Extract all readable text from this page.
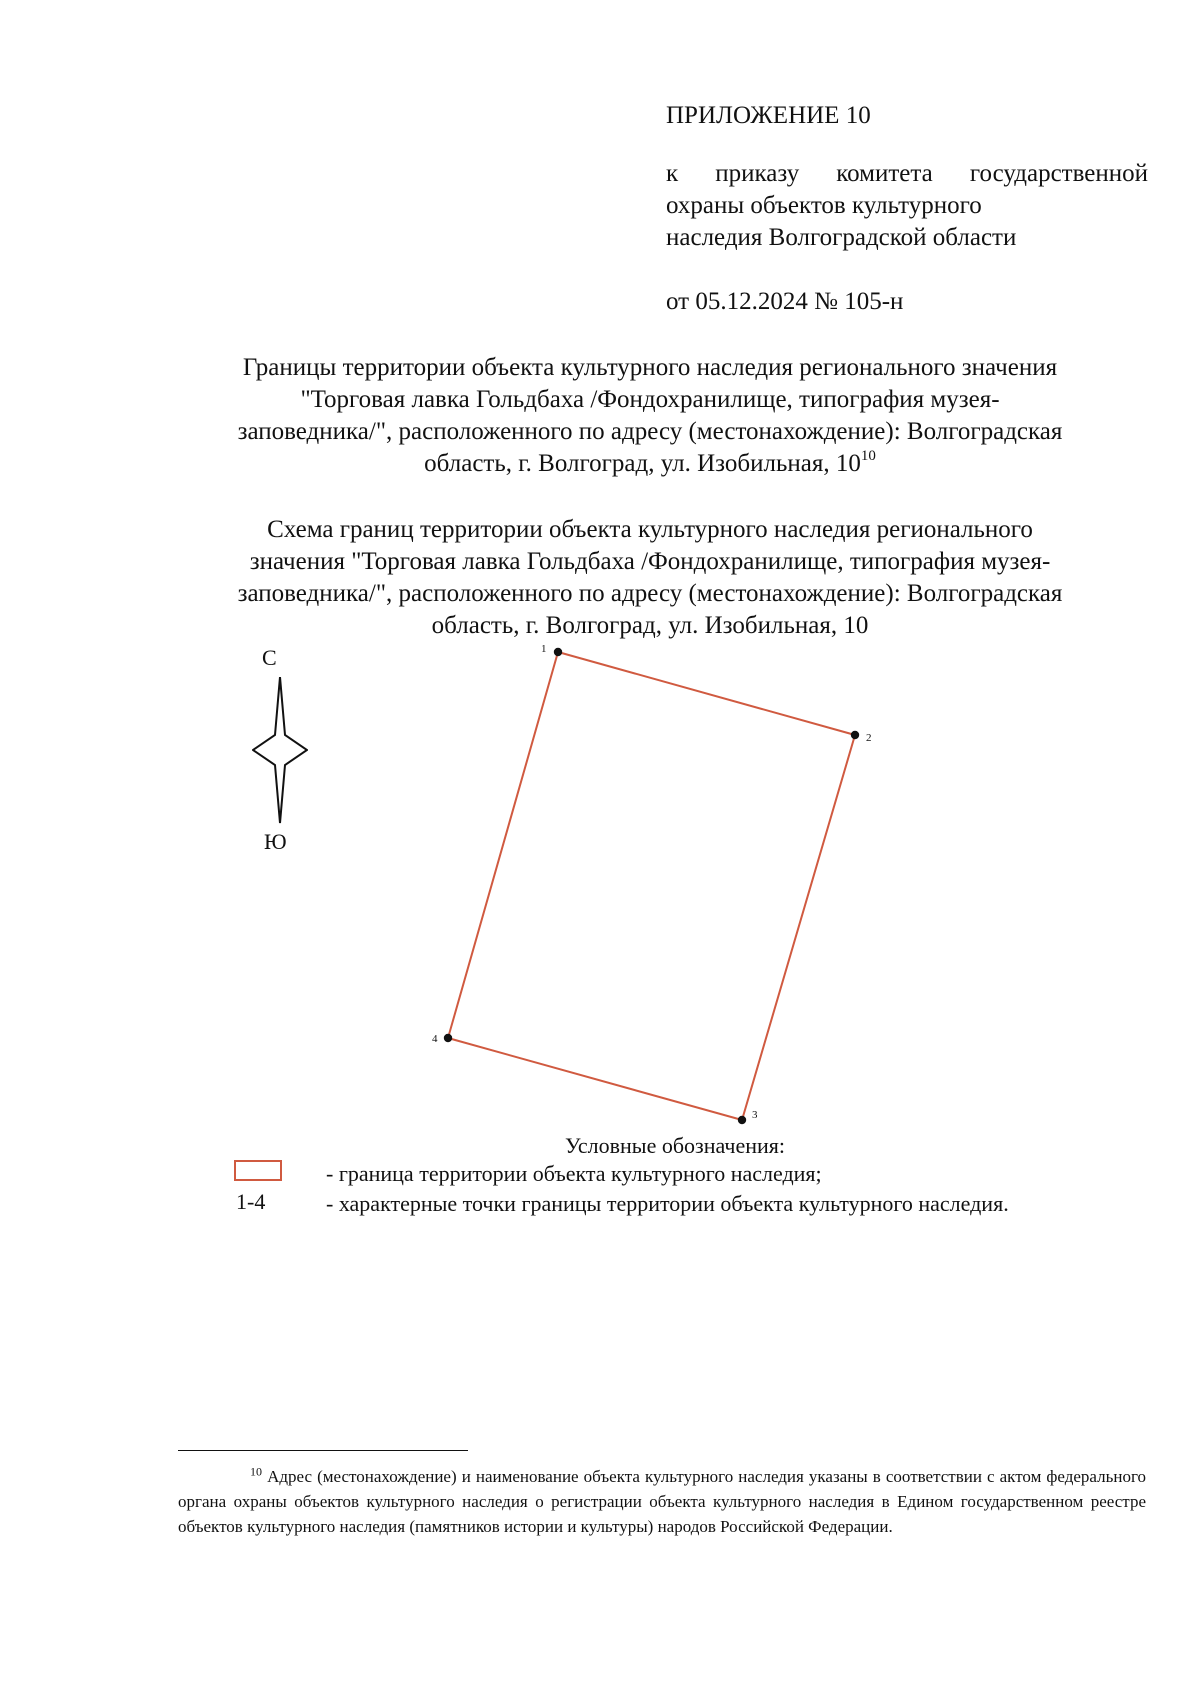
ПРИЛОЖЕНИЕ 10
к приказу комитета государственной
охраны объектов культурного
наследия Волгоградской области
от 05.12.2024 № 105-н
Границы территории объекта культурного наследия регионального значения
"Торговая лавка Гольдбаха /Фондохранилище, типография музея-
заповедника/", расположенного по адресу (местонахождение): Волгоградская
область, г. Волгоград, ул. Изобильная, 10$^{10}$
Схема границ территории объекта культурного наследия регионального
значения "Торговая лавка Гольдбаха /Фондохранилище, типография музея-
заповедника/", расположенного по адресу (местонахождение): Волгоградская
область, г. Волгоград, ул. Изобильная, 10
С
Ю
1
2
3
4
Условные обозначения:
- граница территории объекта культурного наследия;
1-4	- характерные точки границы территории объекта культурного наследия.
$^{10}$ Адрес (местонахождение) и наименование объекта культурного наследия указаны в соответствии с актом федерального органа охраны объектов культурного наследия о регистрации объекта культурного наследия в Едином государственном реестре объектов культурного наследия (памятников истории и культуры) народов Российской Федерации.
